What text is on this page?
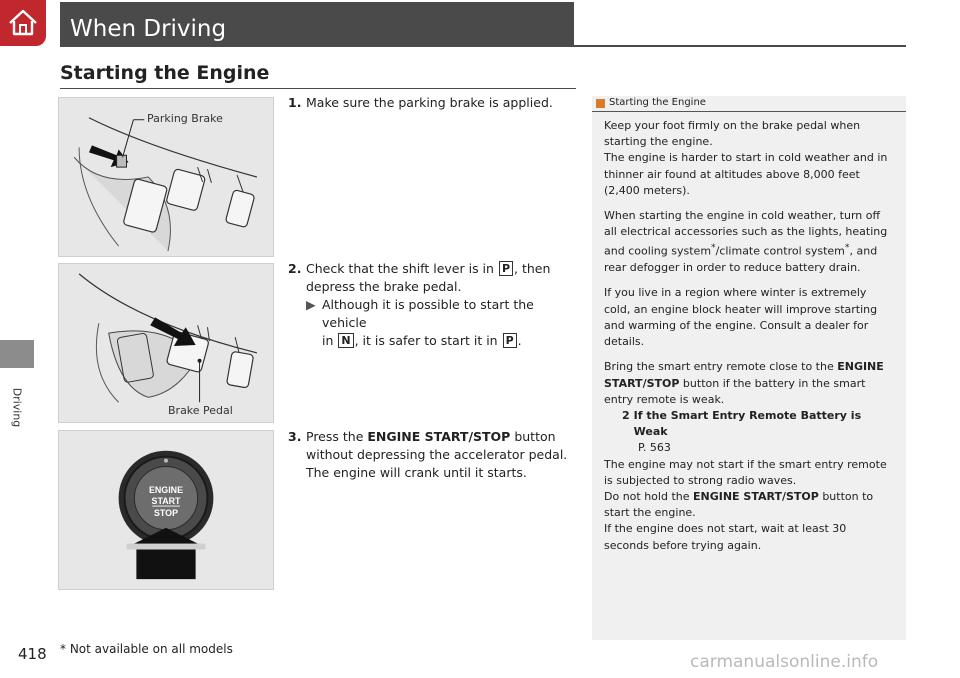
Driving
When Driving
Starting the Engine
Parking Brake
Brake Pedal
ENGINE
START
STOP
1. Make sure the parking brake is applied.
2. Check that the shift lever is in P , then
depress the brake pedal.
▶ Although it is possible to start the vehicle
in N , it is safer to start it in P .
3. Press the ENGINE START/STOP button
without depressing the accelerator pedal.
The engine will crank until it starts.
Starting the Engine

Keep your foot firmly on the brake pedal when starting the engine.

The engine is harder to start in cold weather and in thinner air found at altitudes above 8,000 feet (2,400 meters).

When starting the engine in cold weather, turn off all electrical accessories such as the lights, heating and cooling system*/climate control system*, and rear defogger in order to reduce battery drain.

If you live in a region where winter is extremely cold, an engine block heater will improve starting and warming of the engine. Consult a dealer for details.

Bring the smart entry remote close to the ENGINE START/STOP button if the battery in the smart entry remote is weak.

2 If the Smart Entry Remote Battery is Weak
P. 563

The engine may not start if the smart entry remote is subjected to strong radio waves.

Do not hold the ENGINE START/STOP button to start the engine.

If the engine does not start, wait at least 30 seconds before trying again.

418 * Not available on all models
carmanualsonline.info
